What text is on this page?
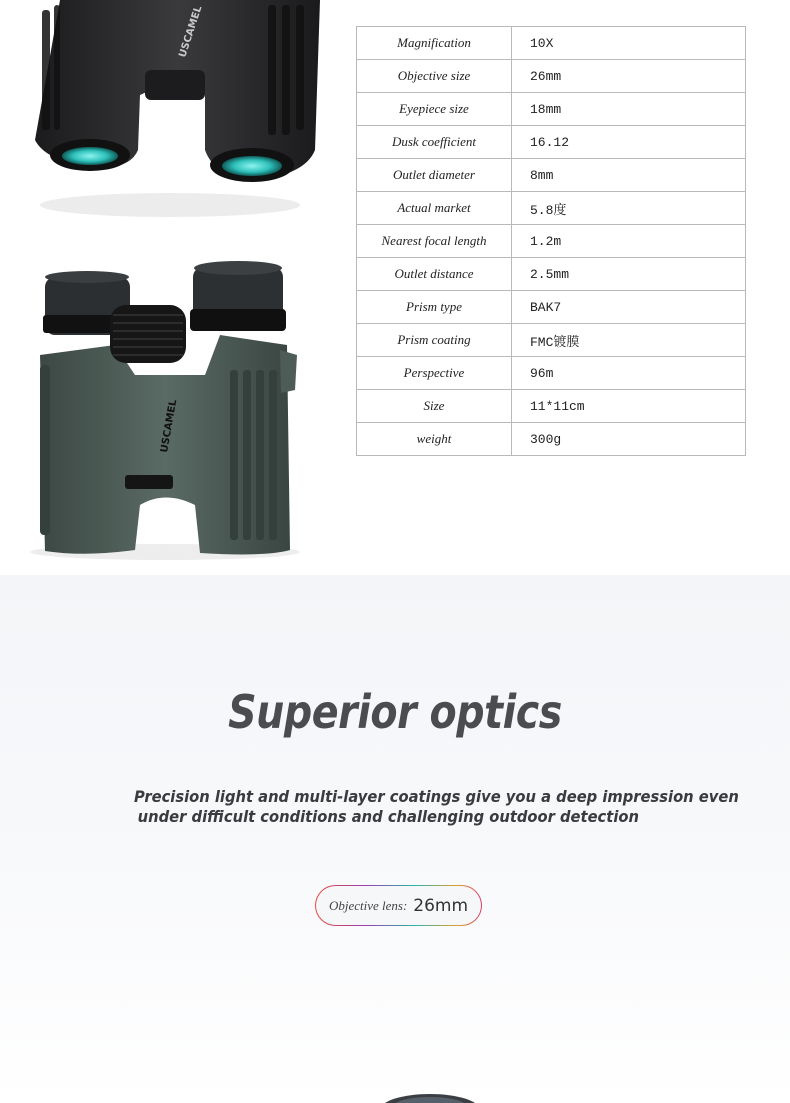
USCAMEL
USCAMEL
Magnification	10X
Objective size	26mm
Eyepiece size	18mm
Dusk coefficient	16.12
Outlet diameter	8mm
Actual market	5.8度
Nearest focal length	1.2m
Outlet distance	2.5mm
Prism type	BAK7
Prism coating	FMC镀膜
Perspective	96m
Size	11*11cm
weight	300g
Superior optics
Precision light and multi-layer coatings give you a deep impression even
under difficult conditions and challenging outdoor detection
Objective lens: 26mm
